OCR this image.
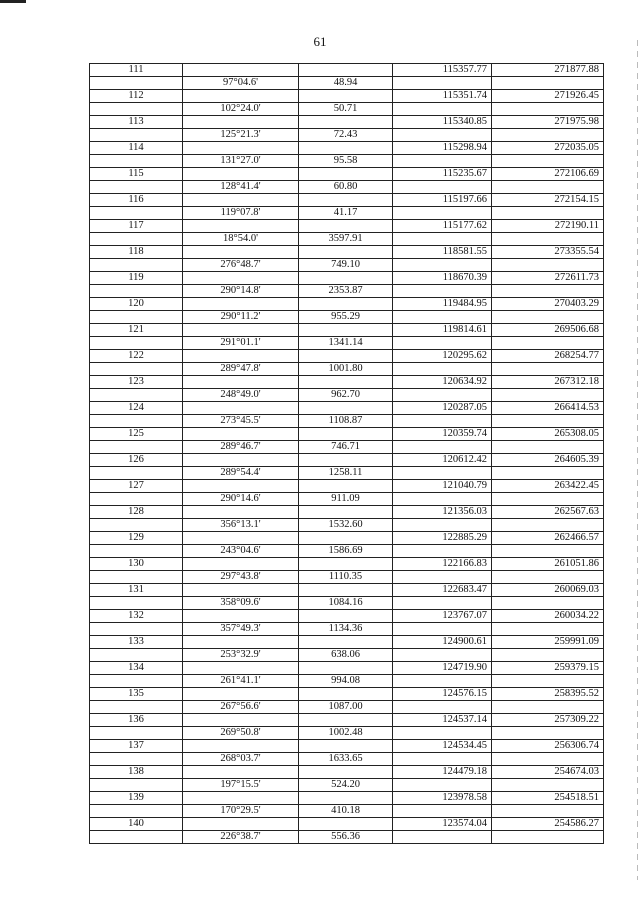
61
111			115357.77	271877.88
	97°04.6'	48.94		
112			115351.74	271926.45
	102°24.0'	50.71		
113			115340.85	271975.98
	125°21.3'	72.43		
114			115298.94	272035.05
	131°27.0'	95.58		
115			115235.67	272106.69
	128°41.4'	60.80		
116			115197.66	272154.15
	119°07.8'	41.17		
117			115177.62	272190.11
	18°54.0'	3597.91		
118			118581.55	273355.54
	276°48.7'	749.10		
119			118670.39	272611.73
	290°14.8'	2353.87		
120			119484.95	270403.29
	290°11.2'	955.29		
121			119814.61	269506.68
	291°01.1'	1341.14		
122			120295.62	268254.77
	289°47.8'	1001.80		
123			120634.92	267312.18
	248°49.0'	962.70		
124			120287.05	266414.53
	273°45.5'	1108.87		
125			120359.74	265308.05
	289°46.7'	746.71		
126			120612.42	264605.39
	289°54.4'	1258.11		
127			121040.79	263422.45
	290°14.6'	911.09		
128			121356.03	262567.63
	356°13.1'	1532.60		
129			122885.29	262466.57
	243°04.6'	1586.69		
130			122166.83	261051.86
	297°43.8'	1110.35		
131			122683.47	260069.03
	358°09.6'	1084.16		
132			123767.07	260034.22
	357°49.3'	1134.36		
133			124900.61	259991.09
	253°32.9'	638.06		
134			124719.90	259379.15
	261°41.1'	994.08		
135			124576.15	258395.52
	267°56.6'	1087.00		
136			124537.14	257309.22
	269°50.8'	1002.48		
137			124534.45	256306.74
	268°03.7'	1633.65		
138			124479.18	254674.03
	197°15.5'	524.20		
139			123978.58	254518.51
	170°29.5'	410.18		
140			123574.04	254586.27
	226°38.7'	556.36		
